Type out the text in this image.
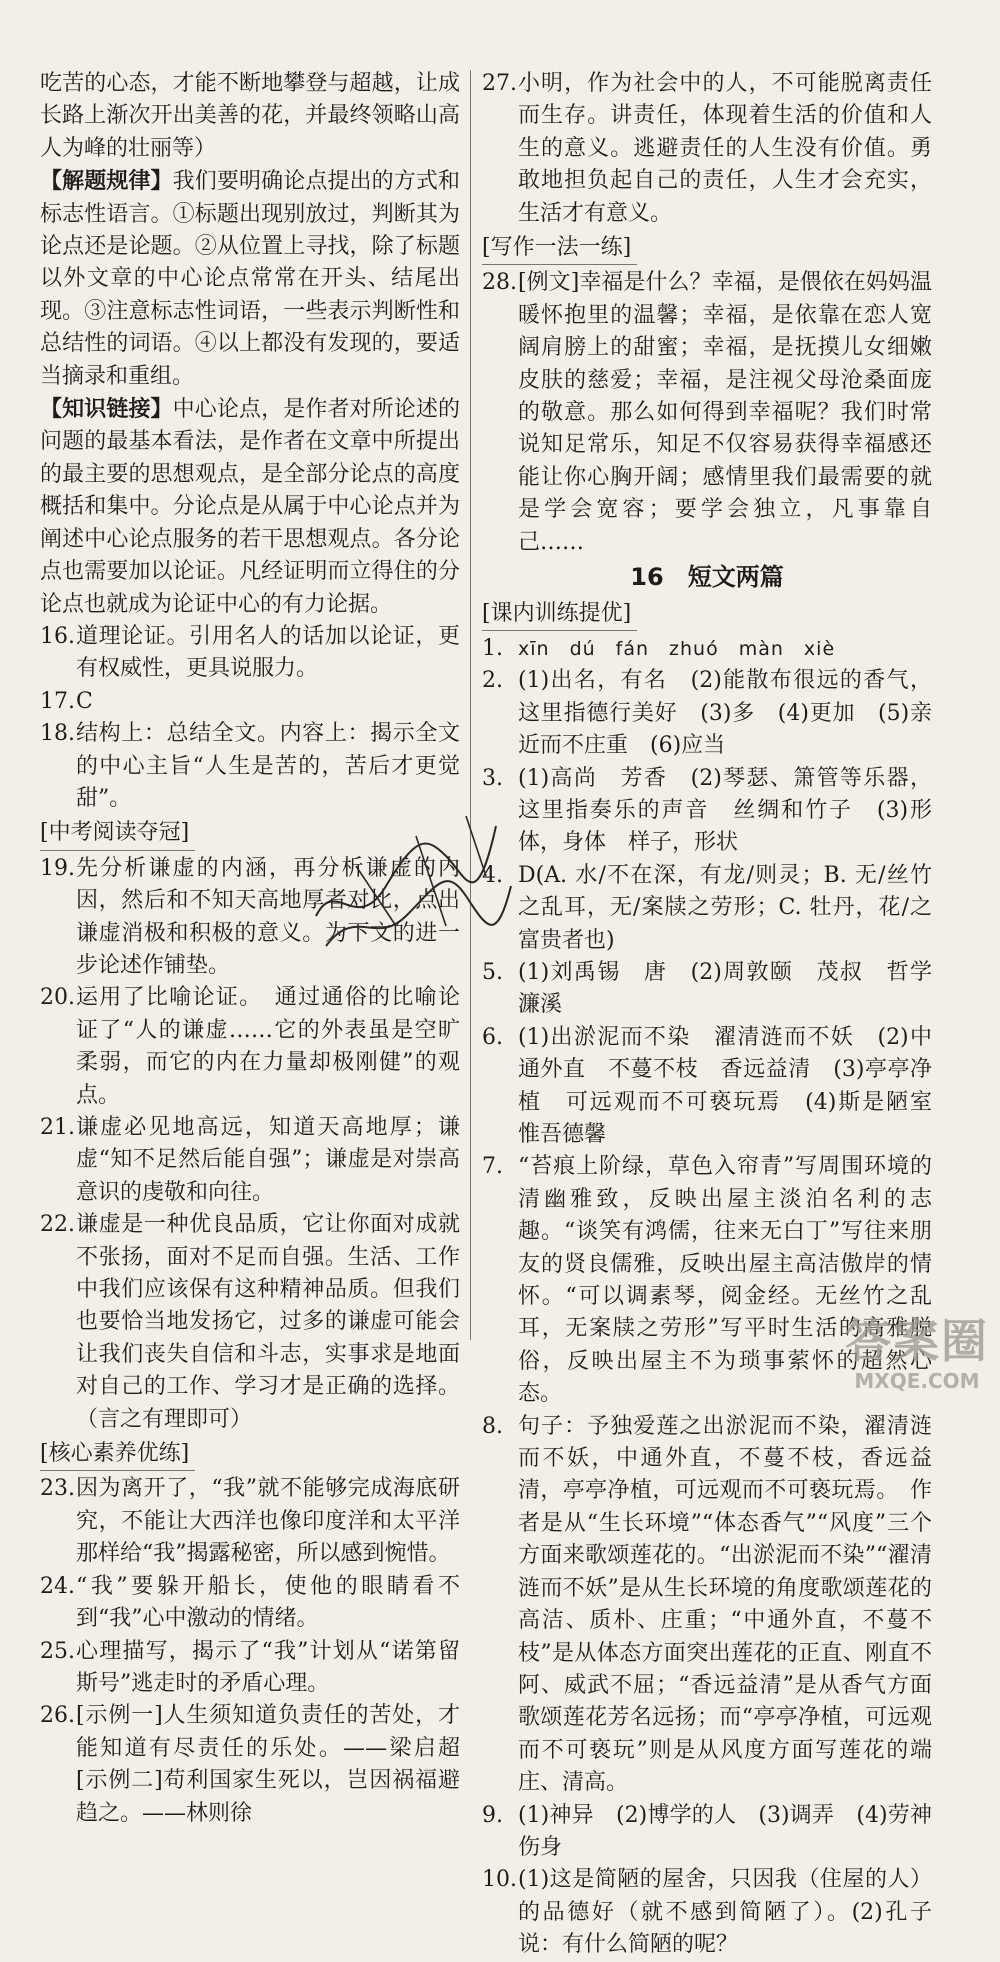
吃苦的心态，才能不断地攀登与超越，让成长路上渐次开出美善的花，并最终领略山高人为峰的壮丽等）

【解题规律】我们要明确论点提出的方式和标志性语言。①标题出现别放过，判断其为论点还是论题。②从位置上寻找，除了标题以外文章的中心论点常常在开头、结尾出现。③注意标志性词语，一些表示判断性和总结性的词语。④以上都没有发现的，要适当摘录和重组。

【知识链接】中心论点，是作者对所论述的问题的最基本看法，是作者在文章中所提出的最主要的思想观点，是全部分论点的高度概括和集中。分论点是从属于中心论点并为阐述中心论点服务的若干思想观点。各分论点也需要加以论证。凡经证明而立得住的分论点也就成为论证中心的有力论据。

16. 道理论证。引用名人的话加以论证，更有权威性，更具说服力。
17. C
18. 结构上：总结全文。内容上：揭示全文的中心主旨“人生是苦的，苦后才更觉甜”。
[中考阅读夺冠]
19. 先分析谦虚的内涵，再分析谦虚的内因，然后和不知天高地厚者对比，点出谦虚消极和积极的意义。为下文的进一步论述作铺垫。
20. 运用了比喻论证。　通过通俗的比喻论证了“人的谦虚……它的外表虽是空旷柔弱，而它的内在力量却极刚健”的观点。
21. 谦虚必见地高远，知道天高地厚；谦虚“知不足然后能自强”；谦虚是对崇高意识的虔敬和向往。
22. 谦虚是一种优良品质，它让你面对成就不张扬，面对不足而自强。生活、工作中我们应该保有这种精神品质。但我们也要恰当地发扬它，过多的谦虚可能会让我们丧失自信和斗志，实事求是地面对自己的工作、学习才是正确的选择。（言之有理即可）
[核心素养优练]
23. 因为离开了，“我”就不能够完成海底研究，不能让大西洋也像印度洋和太平洋那样给“我”揭露秘密，所以感到惋惜。
24. “我”要躲开船长，使他的眼睛看不到“我”心中激动的情绪。
25. 心理描写，揭示了“我”计划从“诺第留斯号”逃走时的矛盾心理。
26. [示例一]人生须知道负责任的苦处，才能知道有尽责任的乐处。——梁启超　[示例二]苟利国家生死以，岂因祸福避趋之。——林则徐
27. 小明，作为社会中的人，不可能脱离责任而生存。讲责任，体现着生活的价值和人生的意义。逃避责任的人生没有价值。勇敢地担负起自己的责任，人生才会充实，生活才有意义。
[写作一法一练]
28. [例文]幸福是什么？幸福，是偎依在妈妈温暖怀抱里的温馨；幸福，是依靠在恋人宽阔肩膀上的甜蜜；幸福，是抚摸儿女细嫩皮肤的慈爱；幸福，是注视父母沧桑面庞的敬意。那么如何得到幸福呢？我们时常说知足常乐，知足不仅容易获得幸福感还能让你心胸开阔；感情里我们最需要的就是学会宽容；要学会独立，凡事靠自己……
16　短文两篇
[课内训练提优]
1. xīn　dú　fán　zhuó　màn　xiè
2. (1)出名，有名　(2)能散布很远的香气，这里指德行美好　(3)多　(4)更加　(5)亲近而不庄重　(6)应当
3. (1)高尚　芳香　(2)琴瑟、箫管等乐器，这里指奏乐的声音　丝绸和竹子　(3)形体，身体　样子，形状
4. D(A. 水/不在深，有龙/则灵；B. 无/丝竹之乱耳，无/案牍之劳形；C. 牡丹，花/之富贵者也)
5. (1)刘禹锡　唐　(2)周敦颐　茂叔　哲学　濂溪
6. (1)出淤泥而不染　濯清涟而不妖　(2)中通外直　不蔓不枝　香远益清　(3)亭亭净植　可远观而不可亵玩焉　(4)斯是陋室　惟吾德馨
7. “苔痕上阶绿，草色入帘青”写周围环境的清幽雅致，反映出屋主淡泊名利的志趣。“谈笑有鸿儒，往来无白丁”写往来朋友的贤良儒雅，反映出屋主高洁傲岸的情怀。“可以调素琴，阅金经。无丝竹之乱耳，无案牍之劳形”写平时生活的高雅脱俗，反映出屋主不为琐事萦怀的超然心态。
8. 句子：予独爱莲之出淤泥而不染，濯清涟而不妖，中通外直，不蔓不枝，香远益清，亭亭净植，可远观而不可亵玩焉。　作者是从“生长环境”“体态香气”“风度”三个方面来歌颂莲花的。“出淤泥而不染”“濯清涟而不妖”是从生长环境的角度歌颂莲花的高洁、质朴、庄重；“中通外直，不蔓不枝”是从体态方面突出莲花的正直、刚直不阿、威武不屈；“香远益清”是从香气方面歌颂莲花芳名远扬；而“亭亭净植，可远观而不可亵玩”则是从风度方面写莲花的端庄、清高。
9. (1)神异　(2)博学的人　(3)调弄　(4)劳神伤身
10. (1)这是简陋的屋舍，只因我（住屋的人）的品德好（就不感到简陋了）。(2)孔子说：有什么简陋的呢？
答案圈
MXQE.COM
